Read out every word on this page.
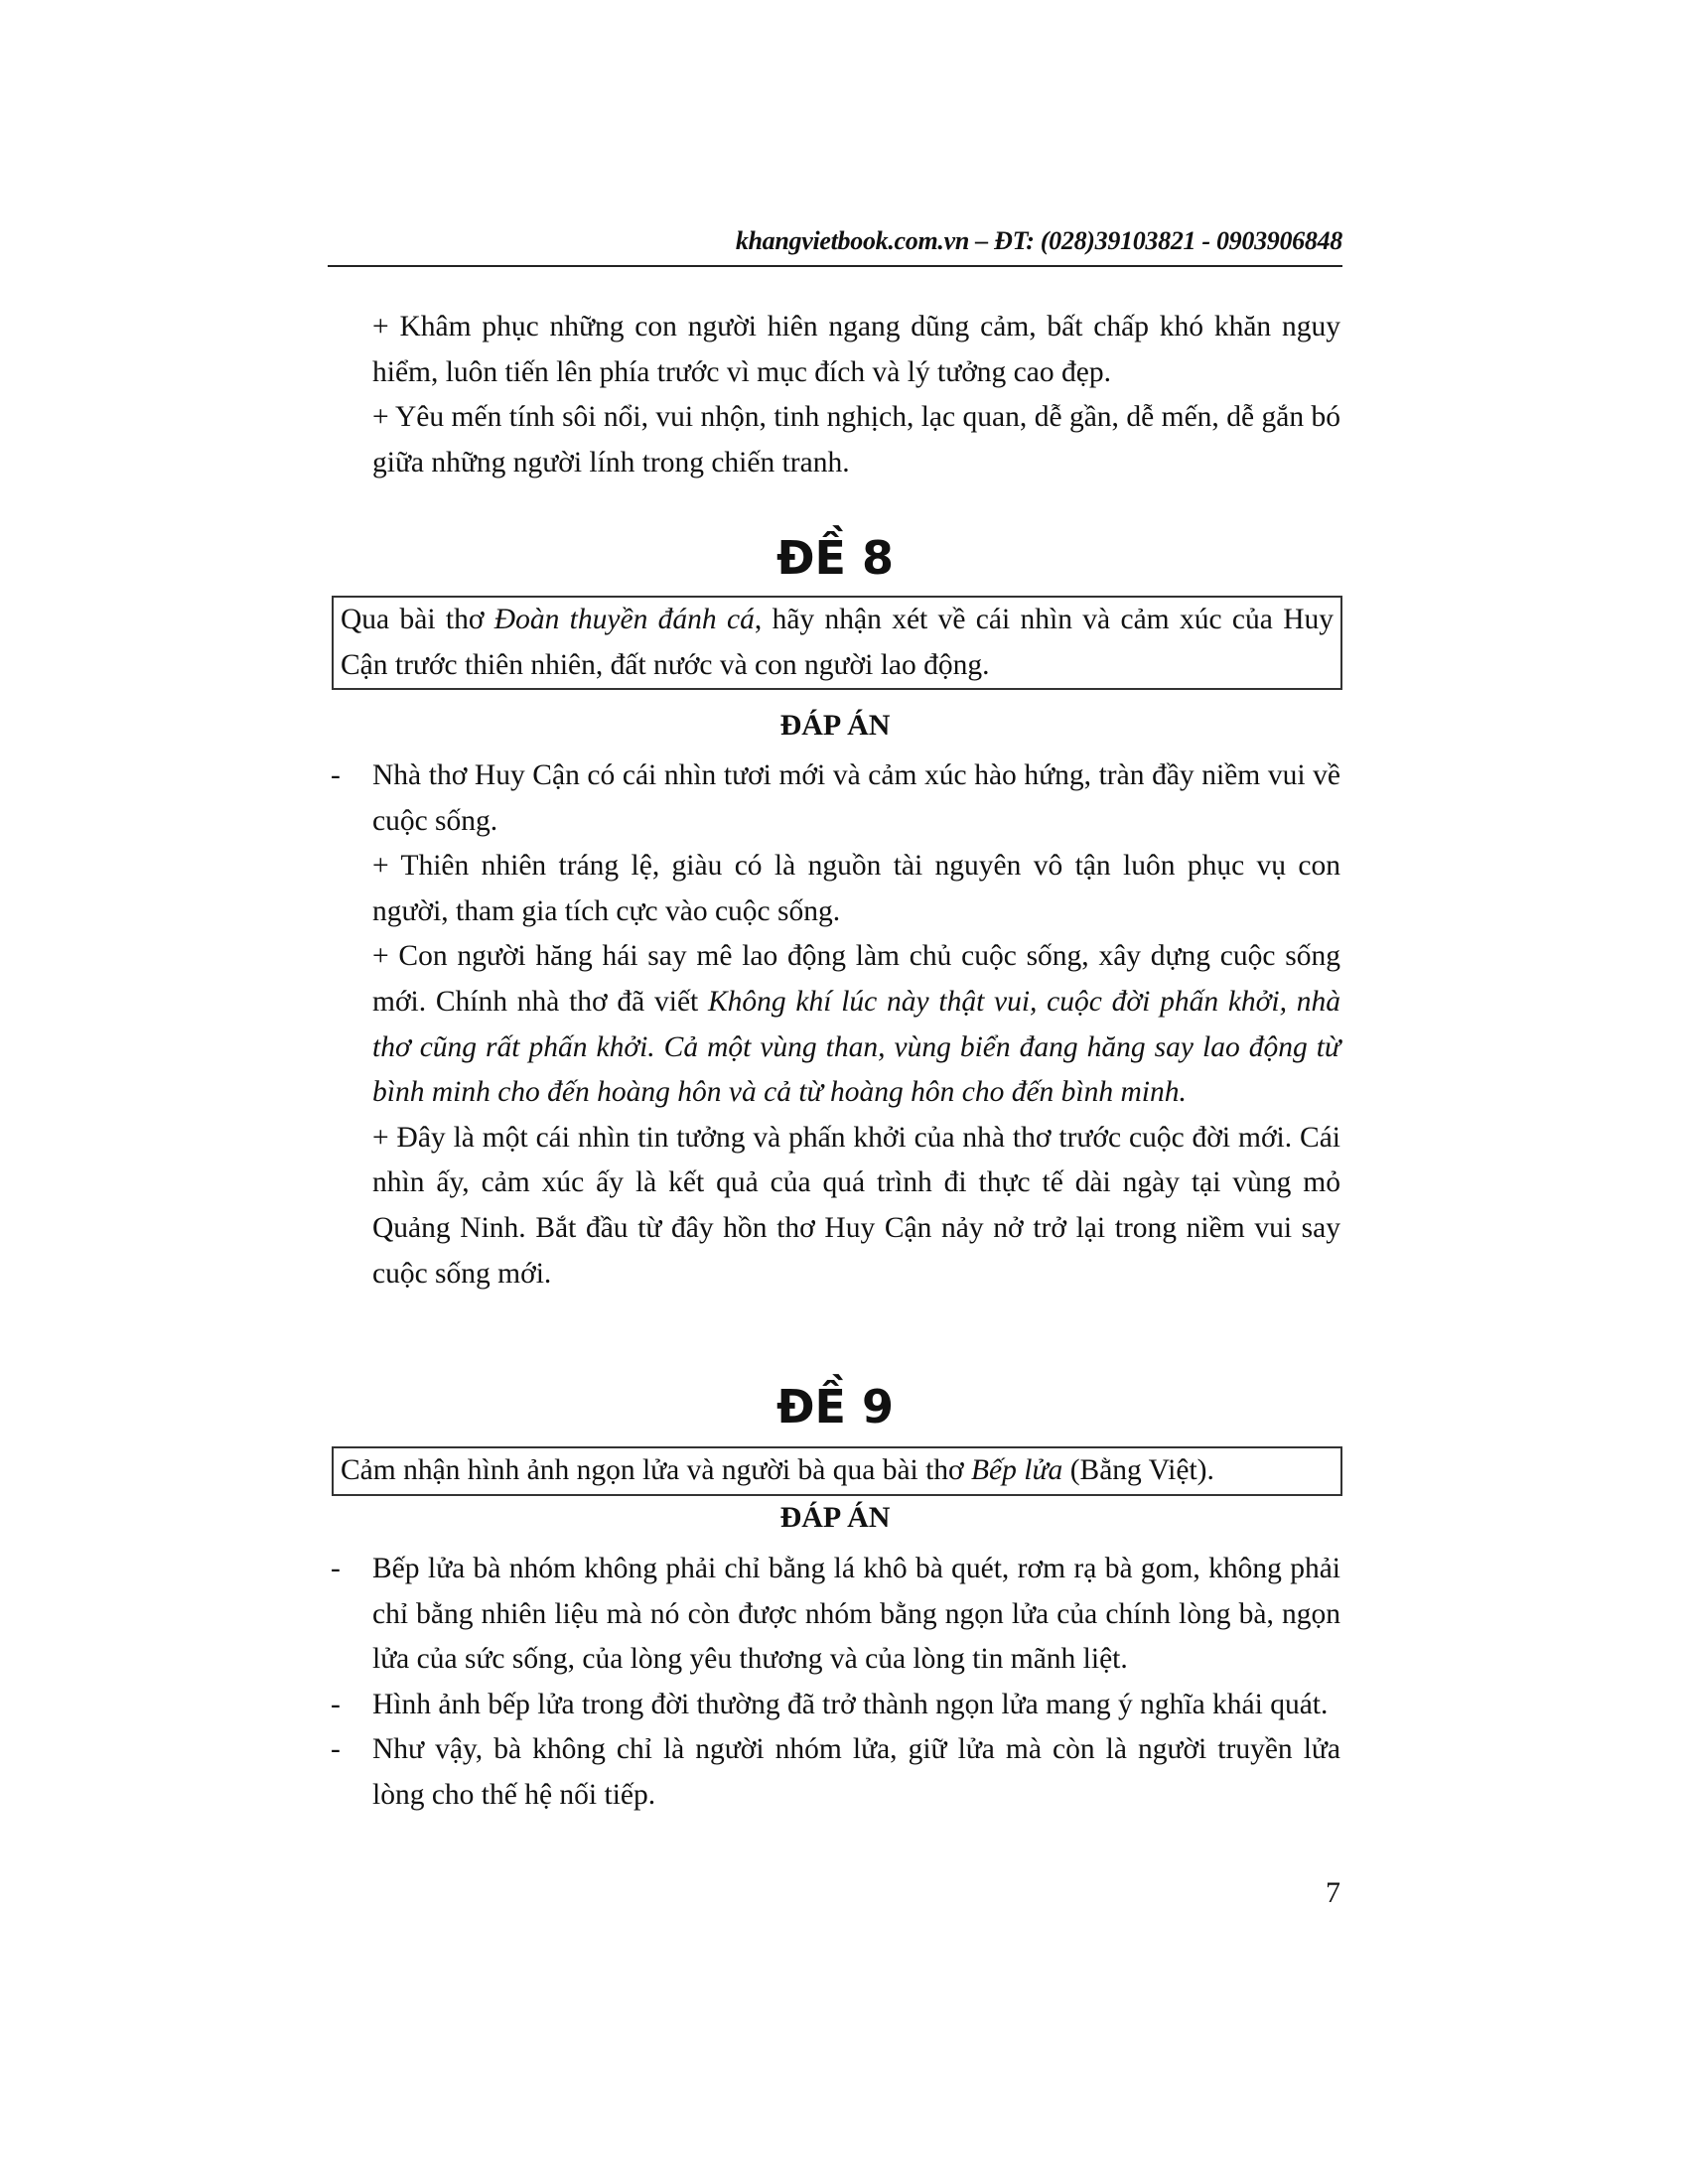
khangvietbook.com.vn – ĐT: (028)39103821 - 0903906848

+ Khâm phục những con người hiên ngang dũng cảm, bất chấp khó khăn nguy hiểm, luôn tiến lên phía trước vì mục đích và lý tưởng cao đẹp.

+ Yêu mến tính sôi nổi, vui nhộn, tinh nghịch, lạc quan, dễ gần, dễ mến, dễ gắn bó giữa những người lính trong chiến tranh.

ĐỀ 8
Qua bài thơ Đoàn thuyền đánh cá, hãy nhận xét về cái nhìn và cảm xúc của Huy Cận trước thiên nhiên, đất nước và con người lao động.
ĐÁP ÁN

- Nhà thơ Huy Cận có cái nhìn tươi mới và cảm xúc hào hứng, tràn đầy niềm vui về cuộc sống.

+ Thiên nhiên tráng lệ, giàu có là nguồn tài nguyên vô tận luôn phục vụ con người, tham gia tích cực vào cuộc sống.

+ Con người hăng hái say mê lao động làm chủ cuộc sống, xây dựng cuộc sống mới. Chính nhà thơ đã viết Không khí lúc này thật vui, cuộc đời phấn khởi, nhà thơ cũng rất phấn khởi. Cả một vùng than, vùng biển đang hăng say lao động từ bình minh cho đến hoàng hôn và cả từ hoàng hôn cho đến bình minh.

+ Đây là một cái nhìn tin tưởng và phấn khởi của nhà thơ trước cuộc đời mới. Cái nhìn ấy, cảm xúc ấy là kết quả của quá trình đi thực tế dài ngày tại vùng mỏ Quảng Ninh. Bắt đầu từ đây hồn thơ Huy Cận nảy nở trở lại trong niềm vui say cuộc sống mới.

ĐỀ 9
Cảm nhận hình ảnh ngọn lửa và người bà qua bài thơ Bếp lửa (Bằng Việt).
ĐÁP ÁN

- Bếp lửa bà nhóm không phải chỉ bằng lá khô bà quét, rơm rạ bà gom, không phải chỉ bằng nhiên liệu mà nó còn được nhóm bằng ngọn lửa của chính lòng bà, ngọn lửa của sức sống, của lòng yêu thương và của lòng tin mãnh liệt.

- Hình ảnh bếp lửa trong đời thường đã trở thành ngọn lửa mang ý nghĩa khái quát.

- Như vậy, bà không chỉ là người nhóm lửa, giữ lửa mà còn là người truyền lửa lòng cho thế hệ nối tiếp.

7
